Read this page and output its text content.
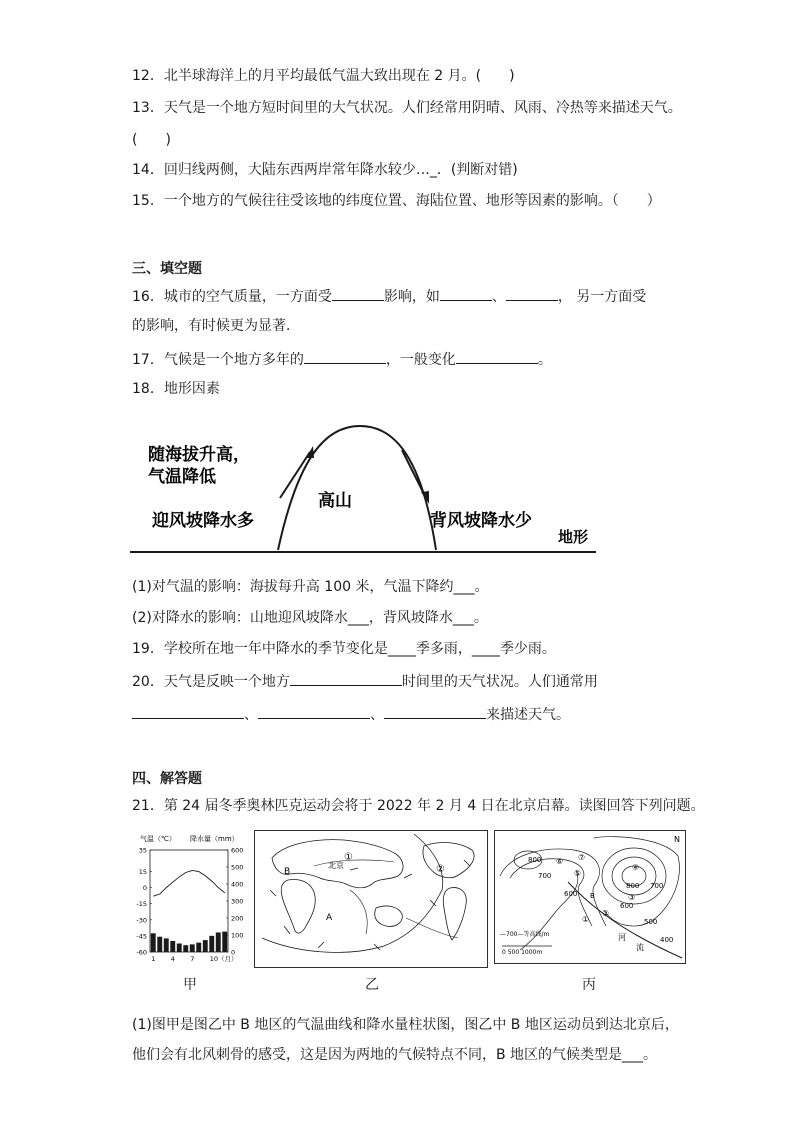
12．北半球海洋上的月平均最低气温大致出现在 2 月。(　　)
13．天气是一个地方短时间里的大气状况。人们经常用阴晴、风雨、冷热等来描述天气。
(　　)
14．回归线两侧，大陆东西两岸常年降水较少…_．(判断对错)
15．一个地方的气候往往受该地的纬度位置、海陆位置、地形等因素的影响。（　　）
三、填空题
16．城市的空气质量，一方面受	影响，如	、	， 另一方面受
的影响，有时候更为显著．
17．气候是一个地方多年的	，一般变化	。
18．地形因素
随海拔升高，
气温降低
高山
迎风坡降水多	背风坡降水少
地形
(1)对气温的影响：海拔每升高 100 米，气温下降约___。
(2)对降水的影响：山地迎风坡降水___，背风坡降水___。
19．学校所在地一年中降水的季节变化是____季多雨，____季少雨。
20．天气是反映一个地方	时间里的天气状况。人们通常用
、	、	来描述天气。
四、解答题
21．第 24 届冬季奥林匹克运动会将于 2022 年 2 月 4 日在北京启幕。读图回答下列问题。
气温（℃） 降水量（mm）
35
15
0
-15
-30
-45
-60
600
500
400
300
200
100
0
1 4 7 10（月）
甲
①
②
B
北京
A
乙
N
800
800
700
700
600
600
500
400
⑥ ⑦
⑤
④
③
B
②
①
河
流
—700—等高线/m
0 500 1000m
丙
(1)图甲是图乙中 B 地区的气温曲线和降水量柱状图，图乙中 B 地区运动员到达北京后，
他们会有北风刺骨的感受，这是因为两地的气候特点不同，B 地区的气候类型是___。
